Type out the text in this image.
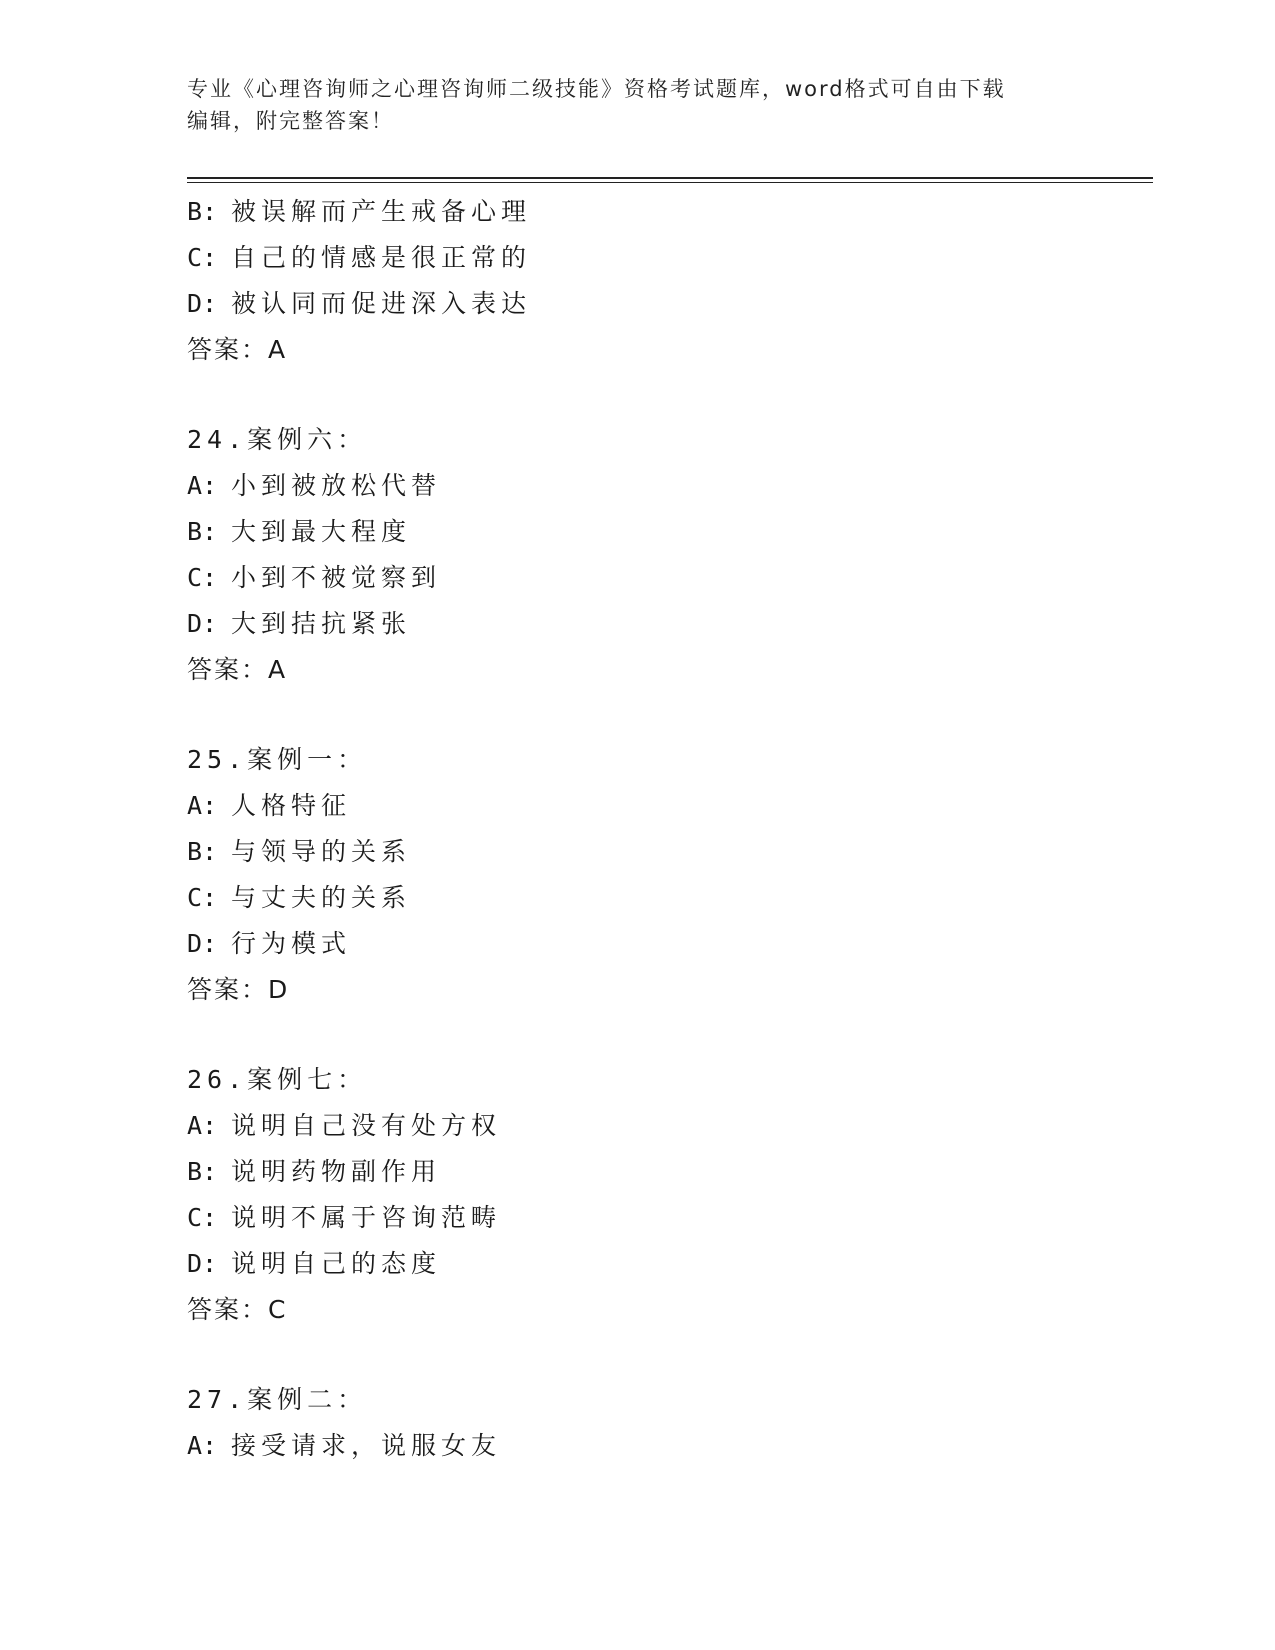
专业《心理咨询师之心理咨询师二级技能》资格考试题库，word格式可自由下载
编辑，附完整答案！
B: 被误解而产生戒备心理
C: 自己的情感是很正常的
D: 被认同而促进深入表达
答案：A
24.案例六：
A: 小到被放松代替
B: 大到最大程度
C: 小到不被觉察到
D: 大到拮抗紧张
答案：A
25.案例一：
A: 人格特征
B: 与领导的关系
C: 与丈夫的关系
D: 行为模式
答案：D
26.案例七：
A: 说明自己没有处方权
B: 说明药物副作用
C: 说明不属于咨询范畴
D: 说明自己的态度
答案：C
27.案例二：
A: 接受请求，说服女友
